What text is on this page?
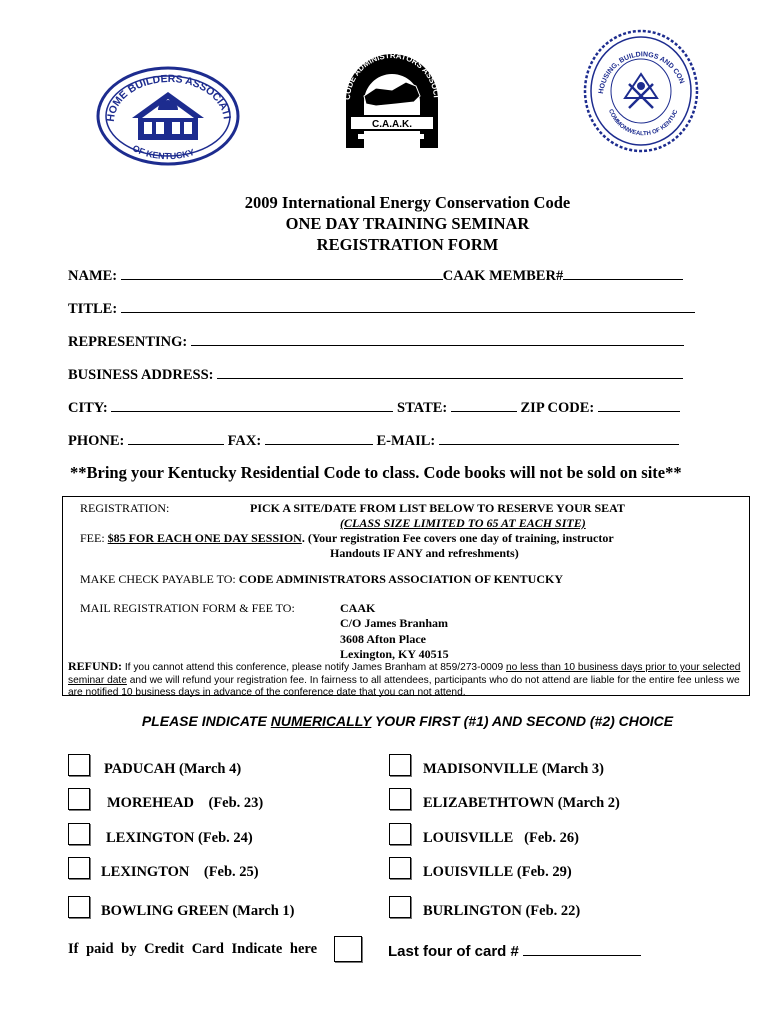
HOME BUILDERS ASSOCIATI
OF KENTUCKY
CODE ADMINISTRATORS ASSOCI
C.A.A.K.
HOUSING, BUILDINGS AND CON
COMMONWEALTH OF KENTUC
2009 International Energy Conservation Code
ONE DAY TRAINING SEMINAR
REGISTRATION FORM
NAME:	CAAK MEMBER#
TITLE:
REPRESENTING:
BUSINESS ADDRESS:
CITY:	STATE:	ZIP CODE:
PHONE:	FAX:	E-MAIL:
**Bring your Kentucky Residential Code to class. Code books will not be sold on site**
REGISTRATION:	PICK A SITE/DATE FROM LIST BELOW TO RESERVE YOUR SEAT
(CLASS SIZE LIMITED TO 65 AT EACH SITE)
FEE: $85 FOR EACH ONE DAY SESSION. (Your registration Fee covers one day of training, instructor
Handouts IF ANY and refreshments)
MAKE CHECK PAYABLE TO: CODE ADMINISTRATORS ASSOCIATION OF KENTUCKY
MAIL REGISTRATION FORM & FEE TO:	CAAK
C/O James Branham
3608 Afton Place
Lexington, KY 40515
REFUND: If you cannot attend this conference, please notify James Branham at 859/273-0009 no less than 10 business days prior to your selected seminar date and we will refund your registration fee. In fairness to all attendees, participants who do not attend are liable for the entire fee unless we are notified 10 business days in advance of the conference date that you can not attend.
PLEASE INDICATE NUMERICALLY YOUR FIRST (#1) AND SECOND (#2) CHOICE
PADUCAH (March 4)	MADISONVILLE (March 3)
MOREHEAD    (Feb. 23)	ELIZABETHTOWN (March 2)
LEXINGTON (Feb. 24)	LOUISVILLE   (Feb. 26)
LEXINGTON    (Feb. 25)	LOUISVILLE (Feb. 29)
BOWLING GREEN (March 1)	BURLINGTON (Feb. 22)
If paid by Credit Card Indicate here	Last four of card #
